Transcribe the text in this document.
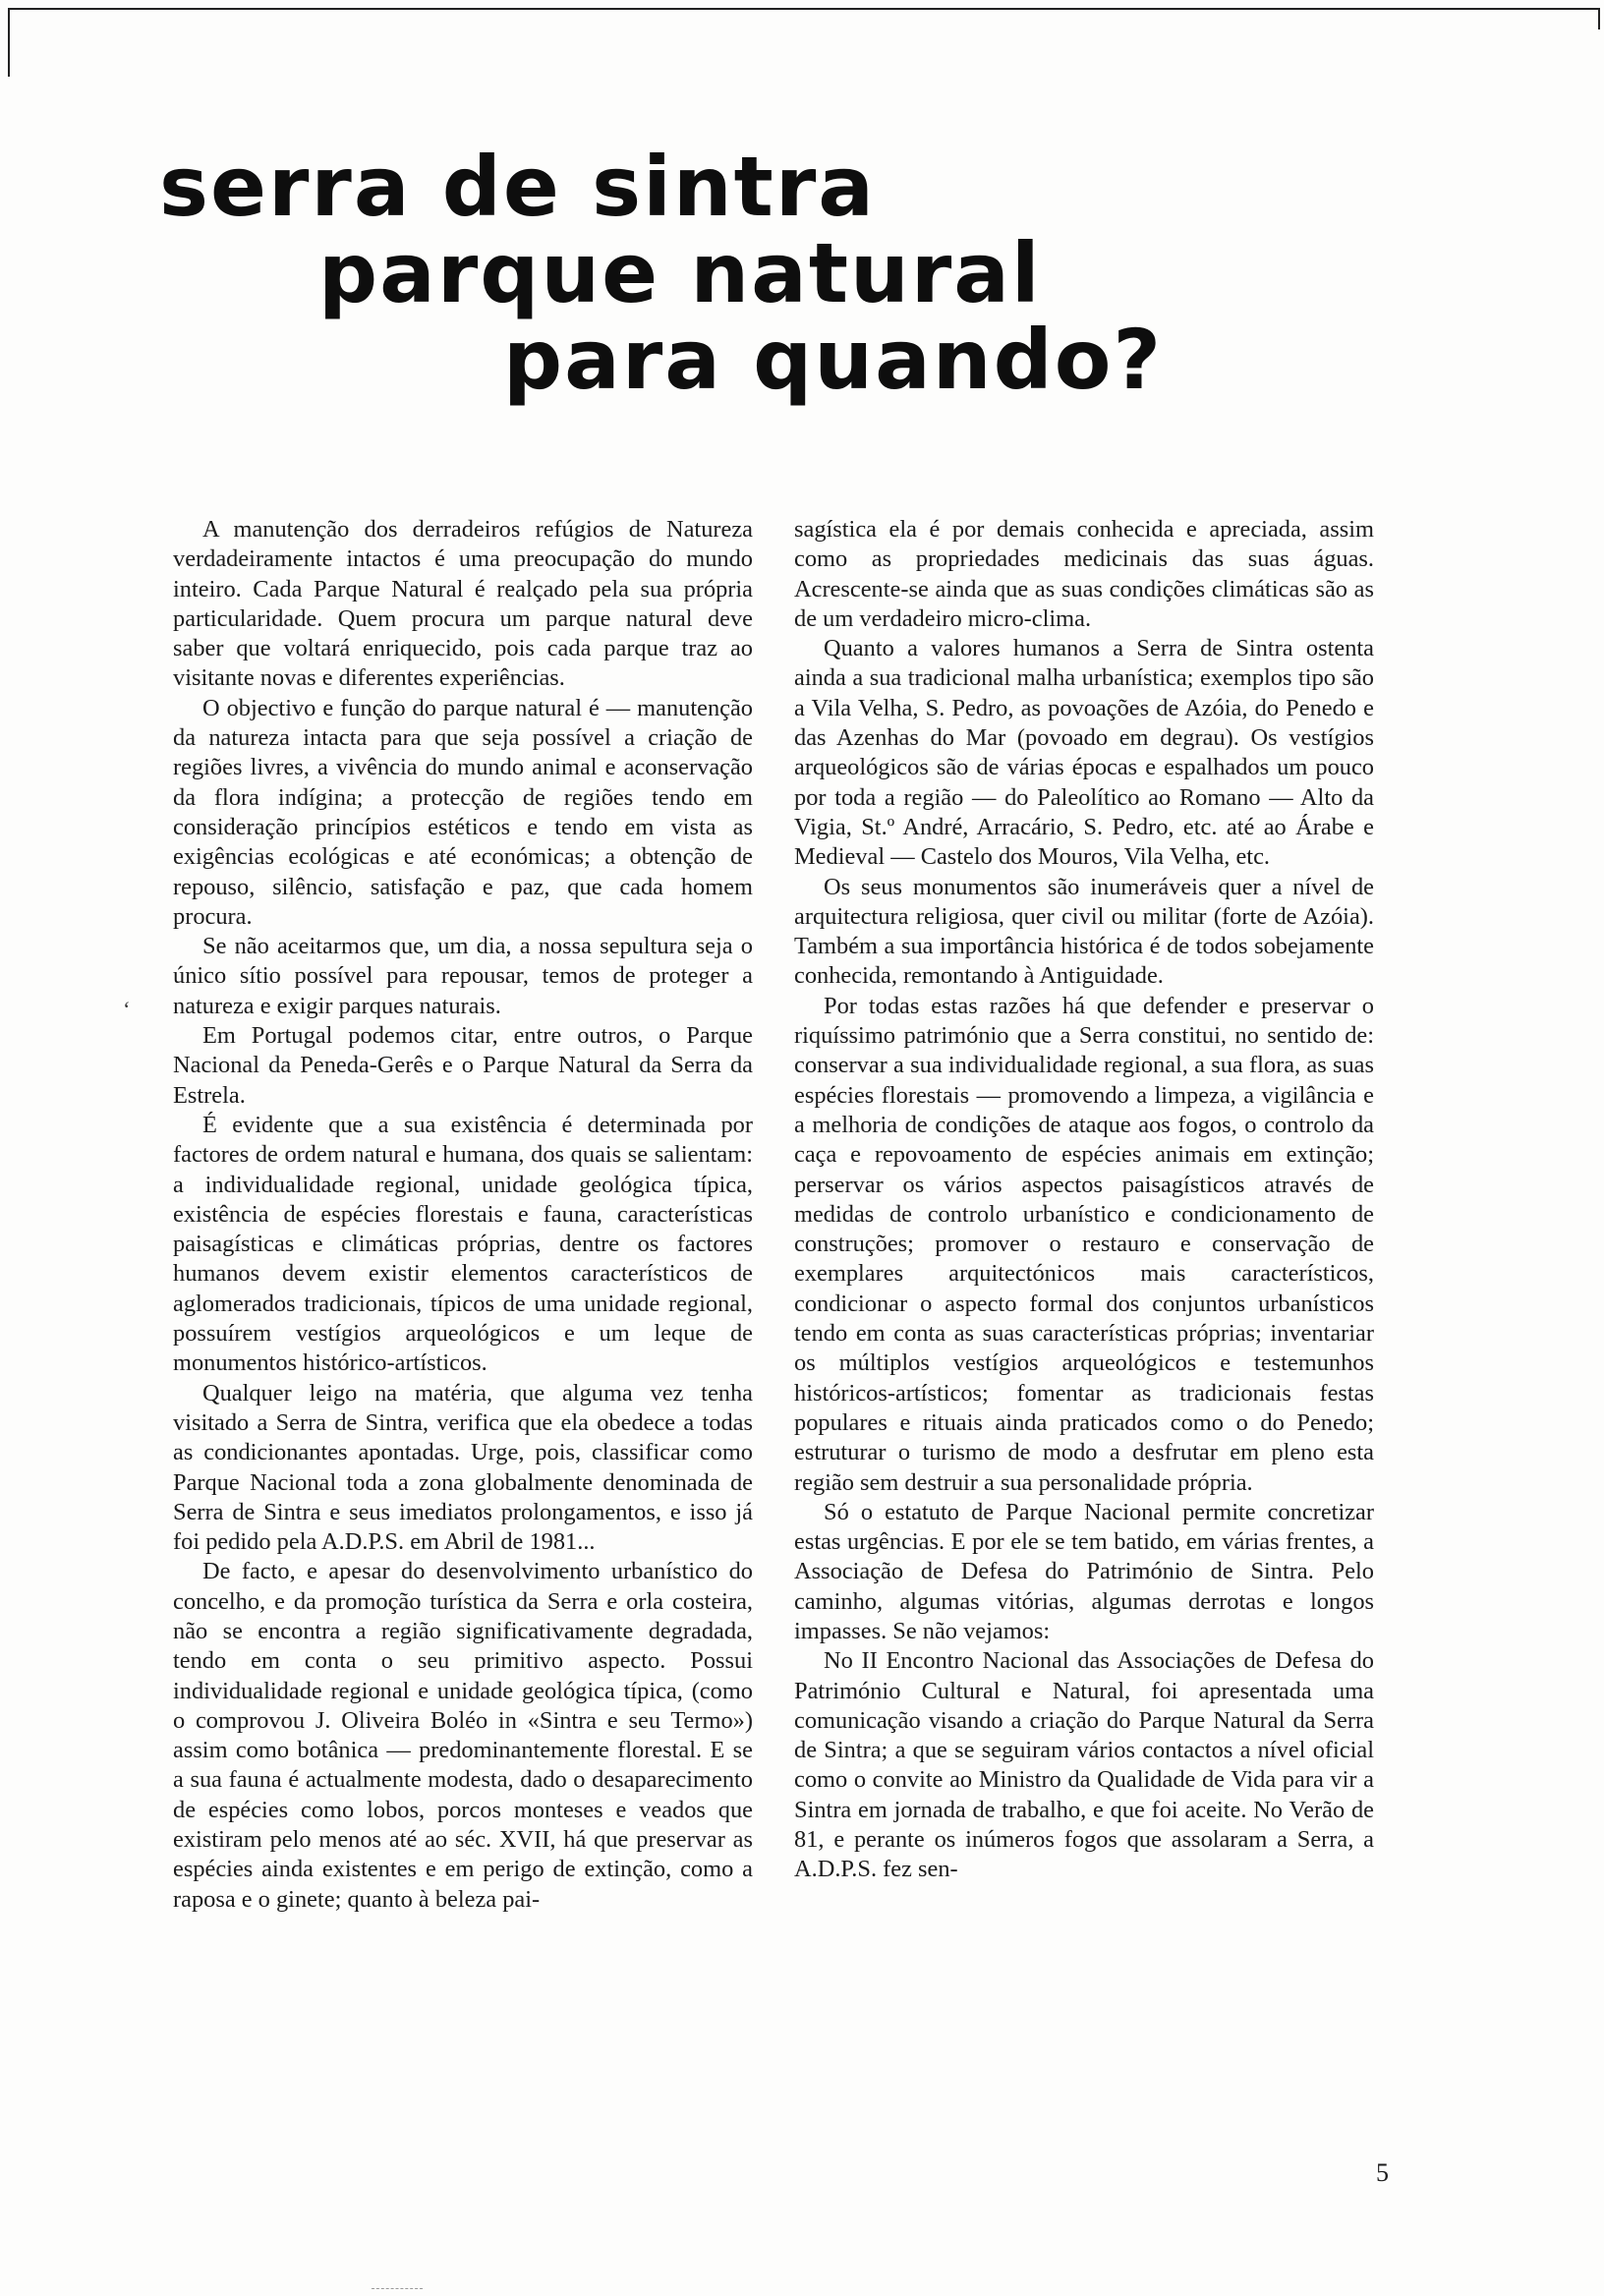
serra de sintra
parque natural
para quando?
ʻ

A manutenção dos derradeiros refúgios de Natureza verdadeiramente intactos é uma preocupação do mundo inteiro. Cada Parque Natural é realçado pela sua própria particularidade. Quem procura um parque natural deve saber que voltará enriquecido, pois cada parque traz ao visitante novas e diferentes experiências.

O objectivo e função do parque natural é — manutenção da natureza intacta para que seja possível a criação de regiões livres, a vivência do mundo animal e aconservação da flora indígina; a protecção de regiões tendo em consideração princípios estéticos e tendo em vista as exigências ecológicas e até económicas; a obtenção de repouso, silêncio, satisfação e paz, que cada homem procura.

Se não aceitarmos que, um dia, a nossa sepultura seja o único sítio possível para repousar, temos de proteger a natureza e exigir parques naturais.

Em Portugal podemos citar, entre outros, o Parque Nacional da Peneda-Gerês e o Parque Natural da Serra da Estrela.

É evidente que a sua existência é determinada por factores de ordem natural e humana, dos quais se salientam: a individualidade regional, unidade geológica típica, existência de espécies florestais e fauna, características paisagísticas e climáticas próprias, dentre os factores humanos devem existir elementos característicos de aglomerados tradicionais, típicos de uma unidade regional, possuírem vestígios arqueológicos e um leque de monumentos histórico-artísticos.

Qualquer leigo na matéria, que alguma vez tenha visitado a Serra de Sintra, verifica que ela obedece a todas as condicionantes apontadas. Urge, pois, classificar como Parque Nacional toda a zona globalmente denominada de Serra de Sintra e seus imediatos prolongamentos, e isso já foi pedido pela A.D.P.S. em Abril de 1981...

De facto, e apesar do desenvolvimento urbanístico do concelho, e da promoção turística da Serra e orla costeira, não se encontra a região significativamente degradada, tendo em conta o seu primitivo aspecto. Possui individualidade regional e unidade geológica típica, (como o comprovou J. Oliveira Boléo in «Sintra e seu Termo») assim como botânica — predominantemente florestal. E se a sua fauna é actualmente modesta, dado o desaparecimento de espécies como lobos, porcos monteses e veados que existiram pelo menos até ao séc. XVII, há que preservar as espécies ainda existentes e em perigo de extinção, como a raposa e o ginete; quanto à beleza pai-

sagística ela é por demais conhecida e apreciada, assim como as propriedades medicinais das suas águas. Acrescente-se ainda que as suas condições climáticas são as de um verdadeiro micro-clima.

Quanto a valores humanos a Serra de Sintra ostenta ainda a sua tradicional malha urbanística; exemplos tipo são a Vila Velha, S. Pedro, as povoações de Azóia, do Penedo e das Azenhas do Mar (povoado em degrau). Os vestígios arqueológicos são de várias épocas e espalhados um pouco por toda a região — do Paleolítico ao Romano — Alto da Vigia, St.º André, Arracário, S. Pedro, etc. até ao Árabe e Medieval — Castelo dos Mouros, Vila Velha, etc.

Os seus monumentos são inumeráveis quer a nível de arquitectura religiosa, quer civil ou militar (forte de Azóia). Também a sua importância histórica é de todos sobejamente conhecida, remontando à Antiguidade.

Por todas estas razões há que defender e preservar o riquíssimo património que a Serra constitui, no sentido de: conservar a sua individualidade regional, a sua flora, as suas espécies florestais — promovendo a limpeza, a vigilância e a melhoria de condições de ataque aos fogos, o controlo da caça e repovoamento de espécies animais em extinção; perservar os vários aspectos paisagísticos através de medidas de controlo urbanístico e condicionamento de construções; promover o restauro e conservação de exemplares arquitectónicos mais característicos, condicionar o aspecto formal dos conjuntos urbanísticos tendo em conta as suas características próprias; inventariar os múltiplos vestígios arqueológicos e testemunhos históricos-artísticos; fomentar as tradicionais festas populares e rituais ainda praticados como o do Penedo; estruturar o turismo de modo a desfrutar em pleno esta região sem destruir a sua personalidade própria.

Só o estatuto de Parque Nacional permite concretizar estas urgências. E por ele se tem batido, em várias frentes, a Associação de Defesa do Património de Sintra. Pelo caminho, algumas vitórias, algumas derrotas e longos impasses. Se não vejamos:

No II Encontro Nacional das Associações de Defesa do Património Cultural e Natural, foi apresentada uma comunicação visando a criação do Parque Natural da Serra de Sintra; a que se seguiram vários contactos a nível oficial como o convite ao Ministro da Qualidade de Vida para vir a Sintra em jornada de trabalho, e que foi aceite. No Verão de 81, e perante os inúmeros fogos que assolaram a Serra, a A.D.P.S. fez sen-

5
